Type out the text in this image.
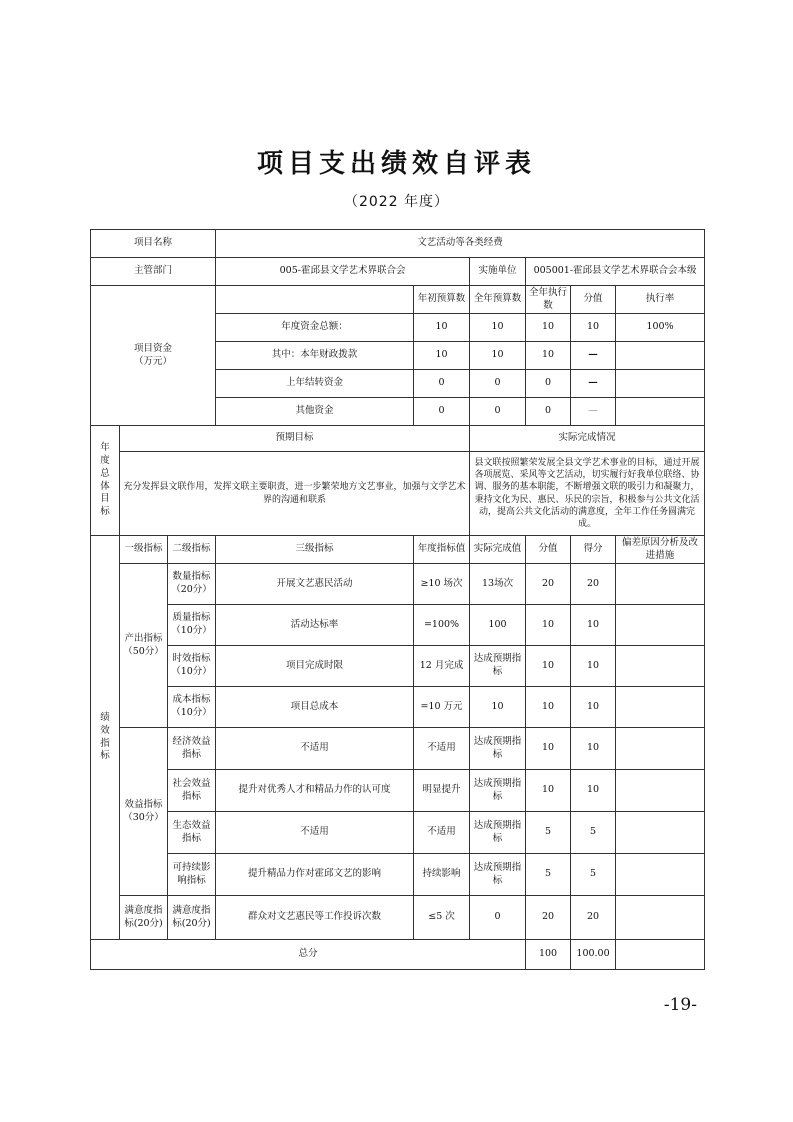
项目支出绩效自评表
（2022 年度）
项目名称			文艺活动等各类经费					
主管部门			005-霍邱县文学艺术界联合会		实施单位	005001-霍邱县文学艺术界联合会本级		
项目资金
（万元）				年初预算数	全年预算数	全年执行数	分值	执行率
			年度资金总额：	10	10	10	10	100%
			其中：本年财政拨款	10	10	10	—	
			上年结转资金	0	0	0	—	
			其他资金	0	0	0	—	
年度总体目标	预期目标				实际完成情况			
	充分发挥县文联作用，发挥文联主要职责，进一步繁荣地方文艺事业，加强与文学艺术界的沟通和联系				县文联按照繁荣发展全县文学艺术事业的目标，通过开展各项展览、采风等文艺活动，切实履行好我单位联络、协调、服务的基本职能，不断增强文联的吸引力和凝聚力，秉持文化为民、惠民、乐民的宗旨，积极参与公共文化活动，提高公共文化活动的满意度，全年工作任务圆满完成。			
绩效指标	一级指标	二级指标	三级指标	年度指标值	实际完成值	分值	得分	偏差原因分析及改进措施
	产出指标（50分）	数量指标（20分）	开展文艺惠民活动	≥10 场次	13场次	20	20	
		质量指标（10分）	活动达标率	=100%	100	10	10	
		时效指标（10分）	项目完成时限	12 月完成	达成预期指标	10	10	
		成本指标（10分）	项目总成本	=10 万元	10	10	10	
	效益指标（30分）	经济效益指标	不适用	不适用	达成预期指标	10	10	
		社会效益指标	提升对优秀人才和精品力作的认可度	明显提升	达成预期指标	10	10	
		生态效益指标	不适用	不适用	达成预期指标	5	5	
		可持续影响指标	提升精品力作对霍邱文艺的影响	持续影响	达成预期指标	5	5	
	满意度指标(20分)	满意度指标(20分)	群众对文艺惠民等工作投诉次数	≤5 次	0	20	20	
总分						100	100.00	
-19-
